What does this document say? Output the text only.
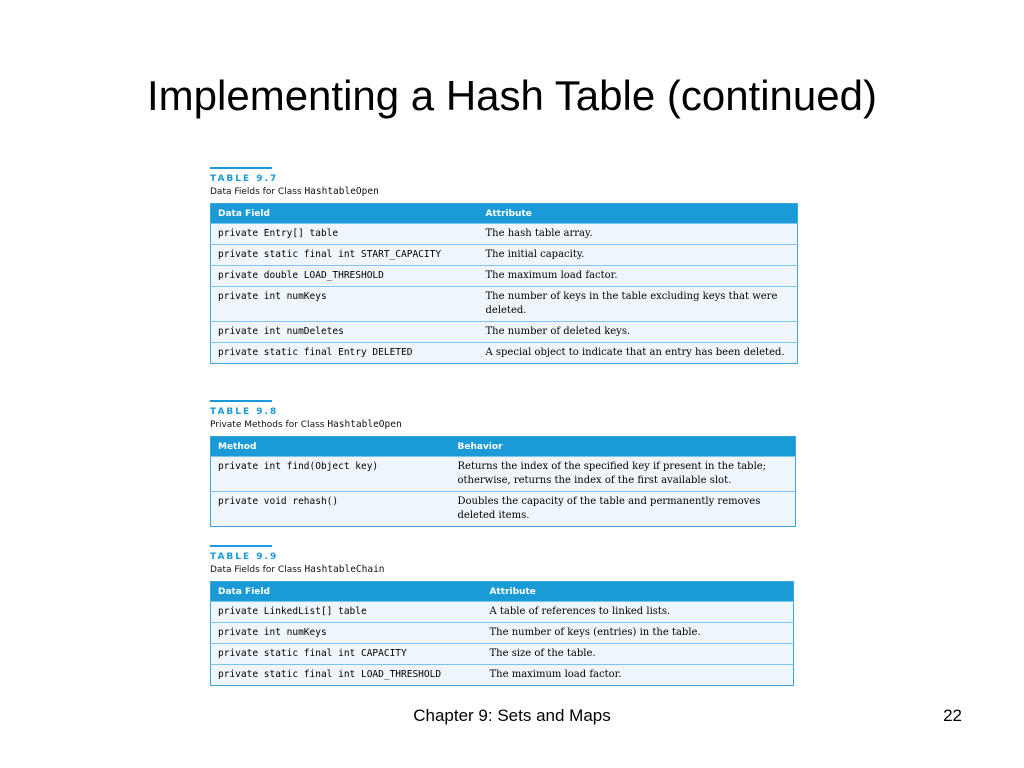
Implementing a Hash Table (continued)
TABLE 9.7
Data Fields for Class HashtableOpen
Data Field	Attribute
private Entry[] table	The hash table array.
private static final int START_CAPACITY	The initial capacity.
private double LOAD_THRESHOLD	The maximum load factor.
private int numKeys	The number of keys in the table excluding keys that were deleted.
private int numDeletes	The number of deleted keys.
private static final Entry DELETED	A special object to indicate that an entry has been deleted.
TABLE 9.8
Private Methods for Class HashtableOpen
Method	Behavior
private int find(Object key)	Returns the index of the specified key if present in the table; otherwise, returns the index of the first available slot.
private void rehash()	Doubles the capacity of the table and permanently removes deleted items.
TABLE 9.9
Data Fields for Class HashtableChain
Data Field	Attribute
private LinkedList[] table	A table of references to linked lists.
private int numKeys	The number of keys (entries) in the table.
private static final int CAPACITY	The size of the table.
private static final int LOAD_THRESHOLD	The maximum load factor.
Chapter 9: Sets and Maps	22
